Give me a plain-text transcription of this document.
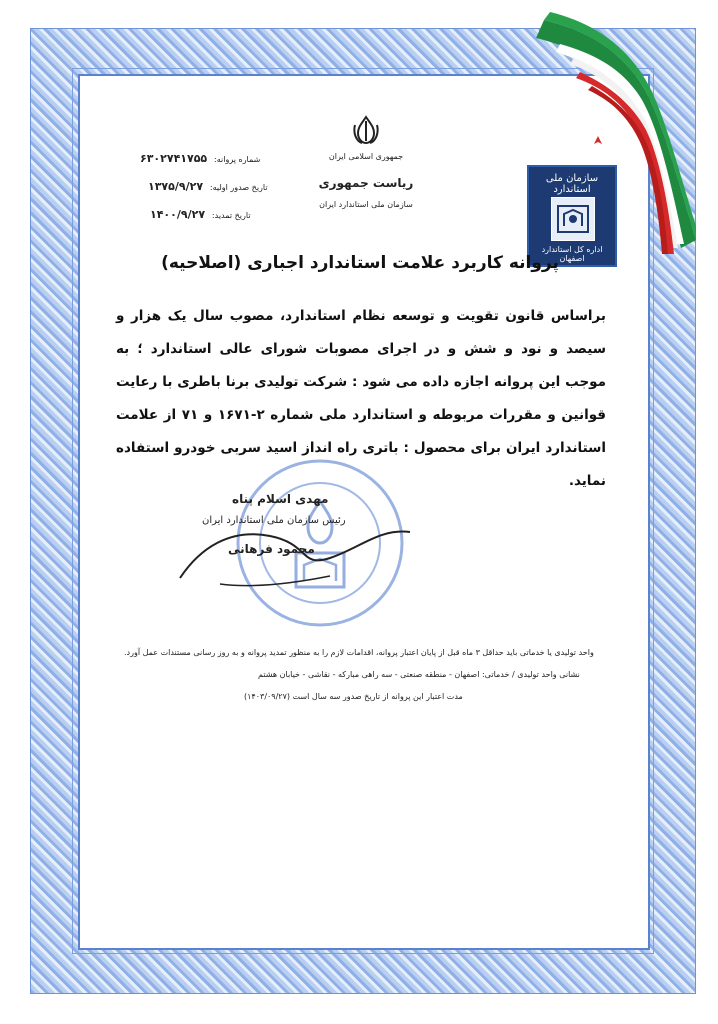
سازمان ملی استاندارد
اداره کل استاندارد اصفهان
جمهوری اسلامی ایران
ریاست جمهوری
سازمان ملی استاندارد ایران
شماره پروانه: ۶۳۰۲۷۴۱۷۵۵
تاریخ صدور اولیه: ۱۳۷۵/۹/۲۷
تاریخ تمدید: ۱۴۰۰/۹/۲۷
پروانه کاربرد علامت استاندارد اجباری (اصلاحیه)
براساس قانون تقویت و توسعه نظام استاندارد، مصوب سال یک هزار و سیصد و نود و شش و در اجرای مصوبات شورای عالی استاندارد ؛ به موجب این پروانه اجازه داده می شود : شرکت تولیدی برنا باطری با رعایت قوانین و مقررات مربوطه و استاندارد ملی شماره ۲-۱۶۷۱ و ۷۱ از علامت استاندارد ایران برای محصول : باتری راه انداز اسید سربی خودرو استفاده نماید.
مهدی اسلام پناه
رئیس سازمان ملی استاندارد ایران
محمود فرهانی
واحد تولیدی یا خدماتی باید حداقل ۳ ماه قبل از پایان اعتبار پروانه، اقدامات لازم را به منظور تمدید پروانه و به روز رسانی مستندات عمل آورد.
نشانی واحد تولیدی / خدماتی: اصفهان - منطقه صنعتی - سه راهی مبارکه - نقاشی - خیابان هشتم
مدت اعتبار این پروانه از تاریخ صدور سه سال است (۱۴۰۳/۰۹/۲۷)
